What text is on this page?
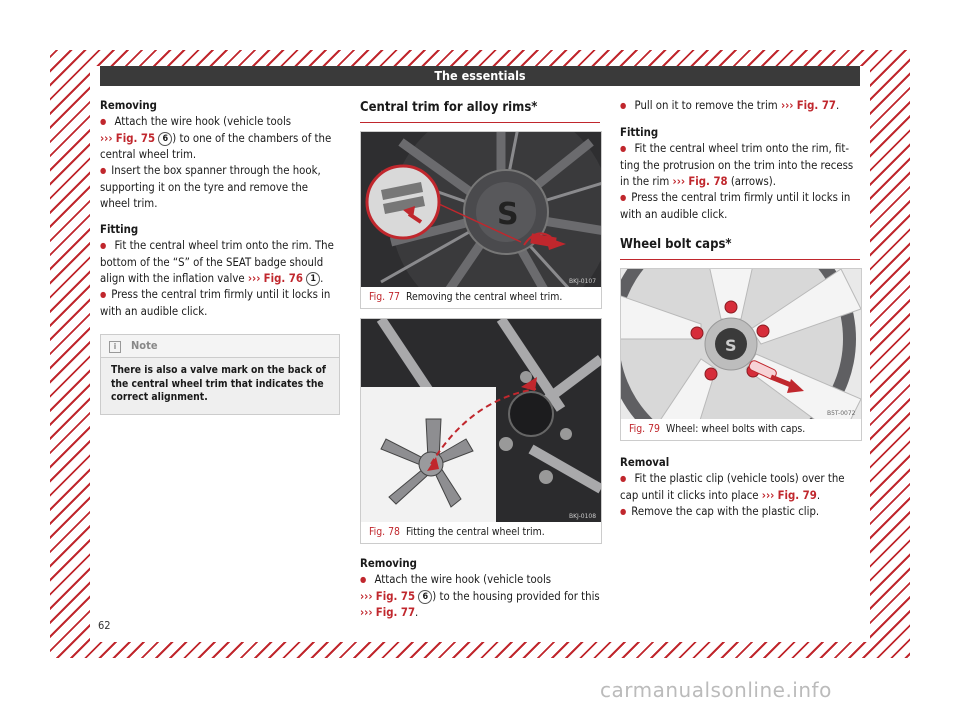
The essentials

Removing

● Attach the wire hook (vehicle tools
››› Fig. 75 6 ) to one of the chambers of the
central wheel trim.

● Insert the box spanner through the hook, supporting it on the tyre and remove the wheel trim.

Fitting

● Fit the central wheel trim onto the rim. The bottom of the “S” of the SEAT badge should align with the inflation valve ››› Fig. 76 1 .

● Press the central trim firmly until it locks in with an audible click.

i Note
There is also a valve mark on the back of the central wheel trim that indicates the correct alignment.
Central trim for alloy rims*
S
BKJ-0107
Fig. 77 Removing the central wheel trim.
BKJ-0108
Fig. 78 Fitting the central wheel trim.

Removing

● Attach the wire hook (vehicle tools
››› Fig. 75 6 ) to the housing provided for this
››› Fig. 77.

● Pull on it to remove the trim ››› Fig. 77.

Fitting

● Fit the central wheel trim onto the rim, fit-ting the protrusion on the trim into the recess in the rim ››› Fig. 78 (arrows).

● Press the central trim firmly until it locks in with an audible click.

Wheel bolt caps*
S
B5T-0072
Fig. 79 Wheel: wheel bolts with caps.

Removal

● Fit the plastic clip (vehicle tools) over the cap until it clicks into place ››› Fig. 79.

● Remove the cap with the plastic clip.

62
carmanualsonline.info
